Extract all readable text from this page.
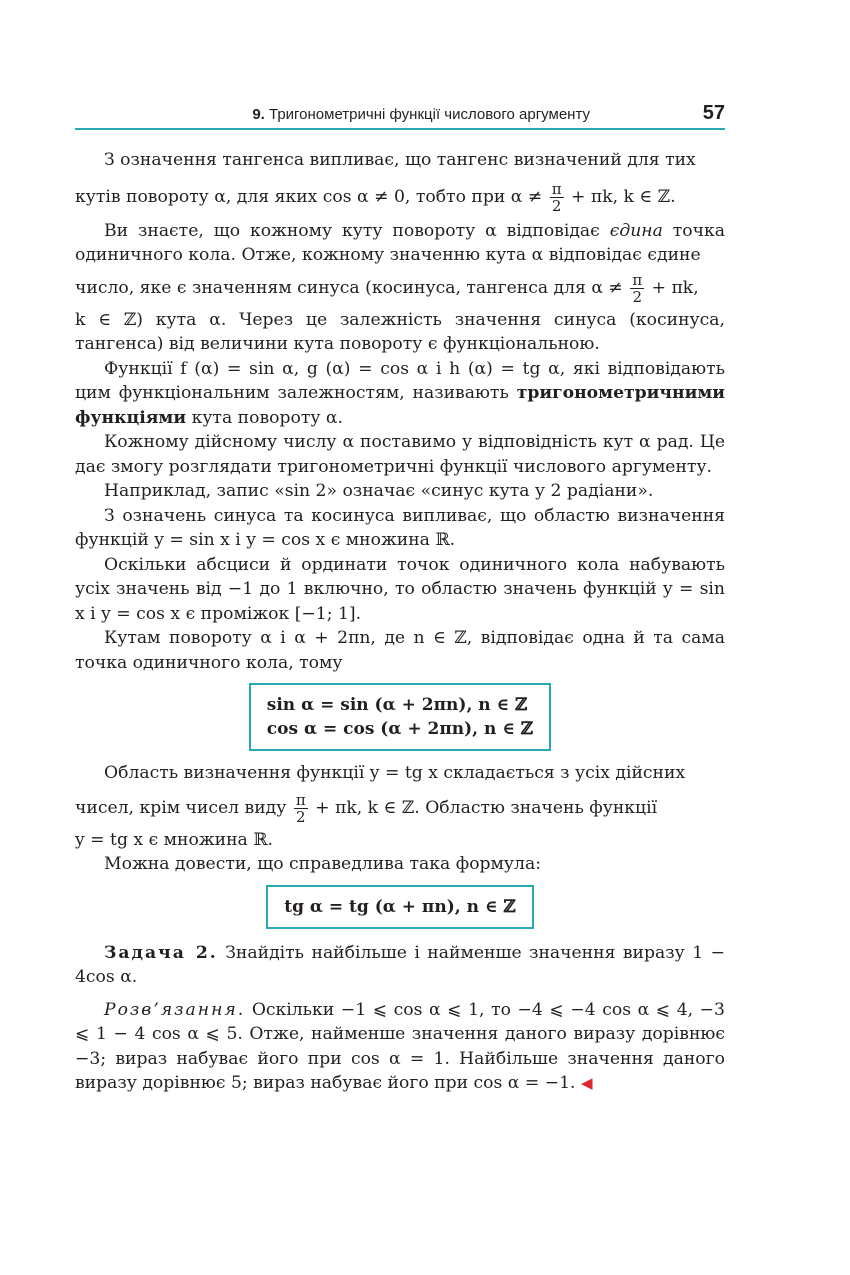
9. Тригонометричні функції числового аргументу	57

З означення тангенса випливає, що тангенс визначений для тих

кутів повороту α, для яких cos α ≠ 0, тобто при $\alpha \ne \frac{\pi}{2} + \pi k$, k ∈ ℤ.

Ви знаєте, що кожному куту повороту α відповідає єдина точка одиничного кола. Отже, кожному значенню кута α відповідає єдине

число, яке є значенням синуса (косинуса, тангенса для $\alpha \ne \frac{\pi}{2} + \pi k$,

k ∈ ℤ) кута α. Через це залежність значення синуса (косинуса, тангенса) від величини кута повороту є функціональною.

Функції f (α) = sin α, g (α) = cos α і h (α) = tg α, які відповідають цим функціональним залежностям, називають тригонометричними функціями кута повороту α.

Кожному дійсному числу α поставимо у відповідність кут α рад. Це дає змогу розглядати тригонометричні функції числового аргументу.

Наприклад, запис «sin 2» означає «синус кута у 2 радіани».

З означень синуса та косинуса випливає, що областю визначення функцій y = sin x і y = cos x є множина ℝ.

Оскільки абсциси й ординати точок одиничного кола набувають усіх значень від −1 до 1 включно, то областю значень функцій y = sin x і y = cos x є проміжок [−1; 1].

Кутам повороту α і α + 2πn, де n ∈ ℤ, відповідає одна й та сама точка одиничного кола, тому

sin α = sin (α + 2πn), n ∈ ℤ
cos α = cos (α + 2πn), n ∈ ℤ

Область визначення функції y = tg x складається з усіх дійсних

чисел, крім чисел виду $\frac{\pi}{2} + \pi k$, k ∈ ℤ. Областю значень функції

y = tg x є множина ℝ.

Можна довести, що справедлива така формула:

tg α = tg (α + πn), n ∈ ℤ

Задача 2. Знайдіть найбільше і найменше значення виразу 1 − 4cos α.

Розв’язання. Оскільки −1 ⩽ cos α ⩽ 1, то −4 ⩽ −4 cos α ⩽ 4, −3 ⩽ 1 − 4 cos α ⩽ 5. Отже, найменше значення даного виразу дорівнює −3; вираз набуває його при cos α = 1. Найбільше значення даного виразу дорівнює 5; вираз набуває його при cos α = −1. ◀
